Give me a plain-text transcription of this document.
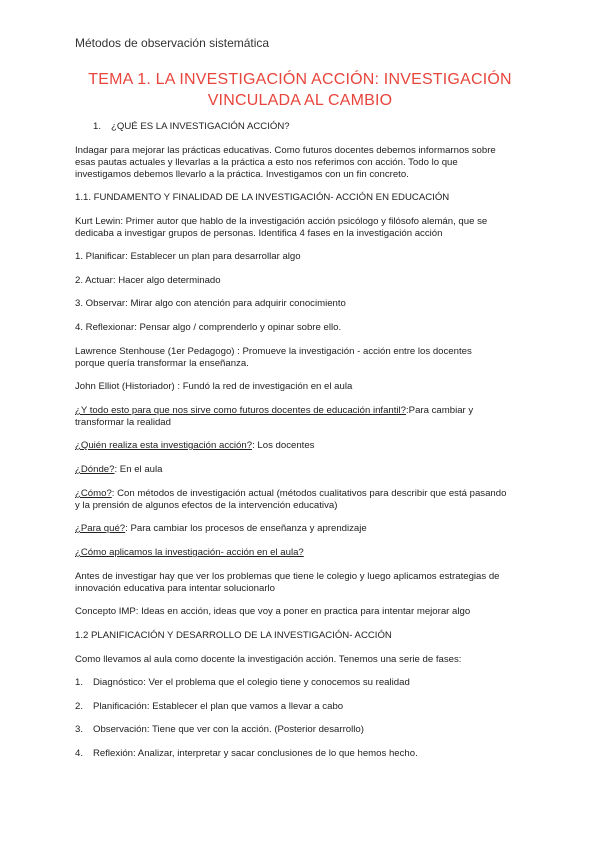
Métodos de observación sistemática
TEMA 1. LA INVESTIGACIÓN ACCIÓN: INVESTIGACIÓN
VINCULADA AL CAMBIO
1. ¿QUÉ ES LA INVESTIGACIÓN ACCIÓN?
Indagar para mejorar las prácticas educativas. Como futuros docentes debemos informarnos sobre
esas pautas actuales y llevarlas a la práctica a esto nos referimos con acción. Todo lo que
investigamos debemos llevarlo a la práctica. Investigamos con un fin concreto.
1.1. FUNDAMENTO Y FINALIDAD DE LA INVESTIGACIÓN- ACCIÓN EN EDUCACIÓN
Kurt Lewin: Primer autor que hablo de la investigación acción psicólogo y filósofo alemán, que se
dedicaba a investigar grupos de personas. Identifica 4 fases en la investigación acción
1. Planificar: Establecer un plan para desarrollar algo
2. Actuar: Hacer algo determinado
3. Observar: Mirar algo con atención para adquirir conocimiento
4. Reflexionar: Pensar algo / comprenderlo y opinar sobre ello.
Lawrence Stenhouse (1er Pedagogo) : Promueve la investigación - acción entre los docentes
porque quería transformar la enseñanza.
John Elliot (Historiador) : Fundó la red de investigación en el aula
¿Y todo esto para que nos sirve como futuros docentes de educación infantil?:Para cambiar y
transformar la realidad
¿Quién realiza esta investigación acción?: Los docentes
¿Dónde?: En el aula
¿Cómo?: Con métodos de investigación actual (métodos cualitativos para describir que está pasando
y la prensión de algunos efectos de la intervención educativa)
¿Para qué?: Para cambiar los procesos de enseñanza y aprendizaje
¿Cómo aplicamos la investigación- acción en el aula?
Antes de investigar hay que ver los problemas que tiene le colegio y luego aplicamos estrategias de
innovación educativa para intentar solucionarlo
Concepto IMP: Ideas en acción, ideas que voy a poner en practica para intentar mejorar algo
1.2 PLANIFICACIÓN Y DESARROLLO DE LA INVESTIGACIÓN- ACCIÓN
Como llevamos al aula como docente la investigación acción. Tenemos una serie de fases:
1. Diagnóstico: Ver el problema que el colegio tiene y conocemos su realidad
2. Planificación: Establecer el plan que vamos a llevar a cabo
3. Observación: Tiene que ver con la acción. (Posterior desarrollo)
4. Reflexión: Analizar, interpretar y sacar conclusiones de lo que hemos hecho.
